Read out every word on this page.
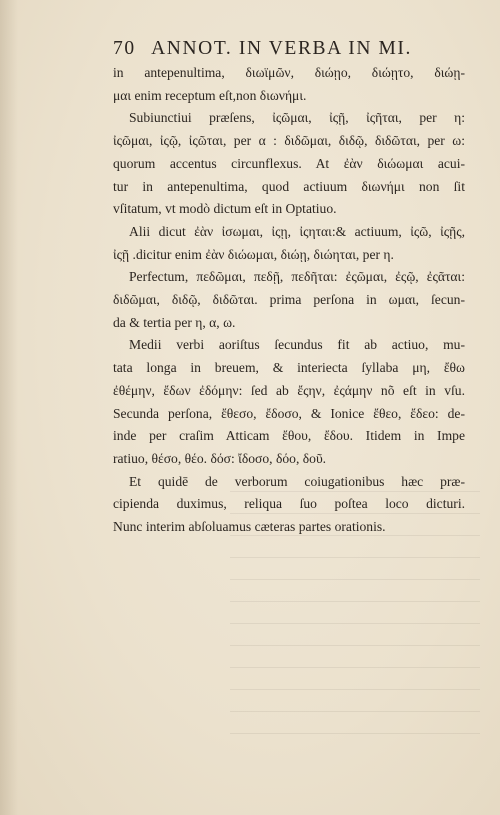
70 ANNOT. IN VERBA IN MI.
in antepenultima, διωϊμῶν, διώῃο, διώῃτο, διώῃ-
μαι enim receptum eſt,non διωνήμι.
Subiunctiui præſens, ἰςῶμαι, ἰςῇ, ἰςῆται, per η:
ἰςῶμαι, ἰςῷ, ἰςῶται, per α : διδῶμαι, διδῷ, διδῶται, per ω:
quorum accentus circunflexus. At ἐὰν διώωμαι acui-
tur in antepenultima, quod actiuum διωνήμι non ſit
vſitatum, vt modò dictum eſt in Optatiuo.
Alii dicut ἐὰν ἰσωμαι, ἰςῃ, ἰςηται:& actiuum, ἰςῶ, ἰςῇς,
ἰςῇ .dicitur enim ἐὰν διώωμαι, διώῃ, διώηται, per η.
Perfectum, πεδῶμαι, πεδῇ, πεδῆται: ἐςῶμαι, ἐςῷ, ἐςᾶται:
διδῶμαι, διδῷ, διδῶται. prima perſona in ωμαι, ſecun-
da & tertia per η, α, ω.
Medii verbi aoriſtus ſecundus fit ab actiuo, mu-
tata longa in breuem, & interiecta ſyllaba μη, ἔθω
ἐθέμην, ἔδων ἐδόμην: ſed ab ἔςην, ἐςάμην nõ eſt in vſu.
Secunda perſona, ἔθεσο, ἔδοσο, & Ionice ἔθεο, ἔδεο: de-
inde per craſim Atticam ἔθου, ἔδου. Itidem in Impe
ratiuo, θέσο, θέο. δόσ: ἴδοσο, δόο, δοῦ.
Et quidē de verborum coiugationibus hæc præ-
cipienda duximus, reliqua ſuo poſtea loco dicturi.
Nunc interim abſoluamus cæteras partes orationis.
